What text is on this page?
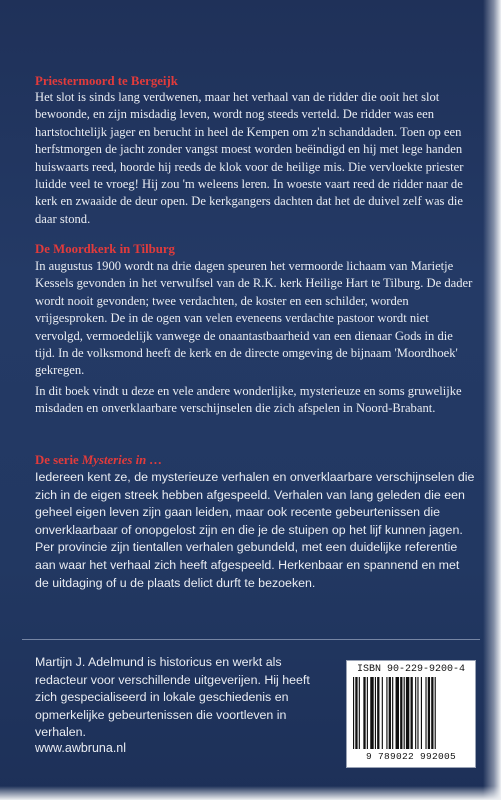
Priestermoord te Bergeijk

Het slot is sinds lang verdwenen, maar het verhaal van de ridder die ooit het slot bewoonde, en zijn misdadig leven, wordt nog steeds verteld. De ridder was een hartstochtelijk jager en berucht in heel de Kempen om z'n schanddaden. Toen op een herfstmorgen de jacht zonder vangst moest worden beëindigd en hij met lege handen huiswaarts reed, hoorde hij reeds de klok voor de heilige mis. Die vervloekte priester luidde veel te vroeg! Hij zou 'm weleens leren. In woeste vaart reed de ridder naar de kerk en zwaaide de deur open. De kerkgangers dachten dat het de duivel zelf was die daar stond.

De Moordkerk in Tilburg

In augustus 1900 wordt na drie dagen speuren het vermoorde lichaam van Marietje Kessels gevonden in het verwulfsel van de R.K. kerk Heilige Hart te Tilburg. De dader wordt nooit gevonden; twee verdachten, de koster en een schilder, worden vrijgesproken. De in de ogen van velen eveneens verdachte pastoor wordt niet vervolgd, vermoedelijk vanwege de onaantastbaarheid van een dienaar Gods in die tijd. In de volksmond heeft de kerk en de directe omgeving de bijnaam 'Moordhoek' gekregen.

In dit boek vindt u deze en vele andere wonderlijke, mysterieuze en soms gruwelijke misdaden en onverklaarbare verschijnselen die zich afspelen in Noord-Brabant.

De serie Mysteries in …

Iedereen kent ze, de mysterieuze verhalen en onverklaarbare verschijnselen die zich in de eigen streek hebben afgespeeld. Verhalen van lang geleden die een geheel eigen leven zijn gaan leiden, maar ook recente gebeurtenissen die onverklaarbaar of onopgelost zijn en die je de stuipen op het lijf kunnen jagen. Per provincie zijn tientallen verhalen gebundeld, met een duidelijke referentie aan waar het verhaal zich heeft afgespeeld. Herkenbaar en spannend en met de uitdaging of u de plaats delict durft te bezoeken.

Martijn J. Adelmund is historicus en werkt als redacteur voor verschillende uitgeverijen. Hij heeft zich gespecialiseerd in lokale geschiedenis en opmerkelijke gebeurtenissen die voortleven in verhalen.

ISBN 90-229-9200-4
9 789022 992005
www.awbruna.nl
